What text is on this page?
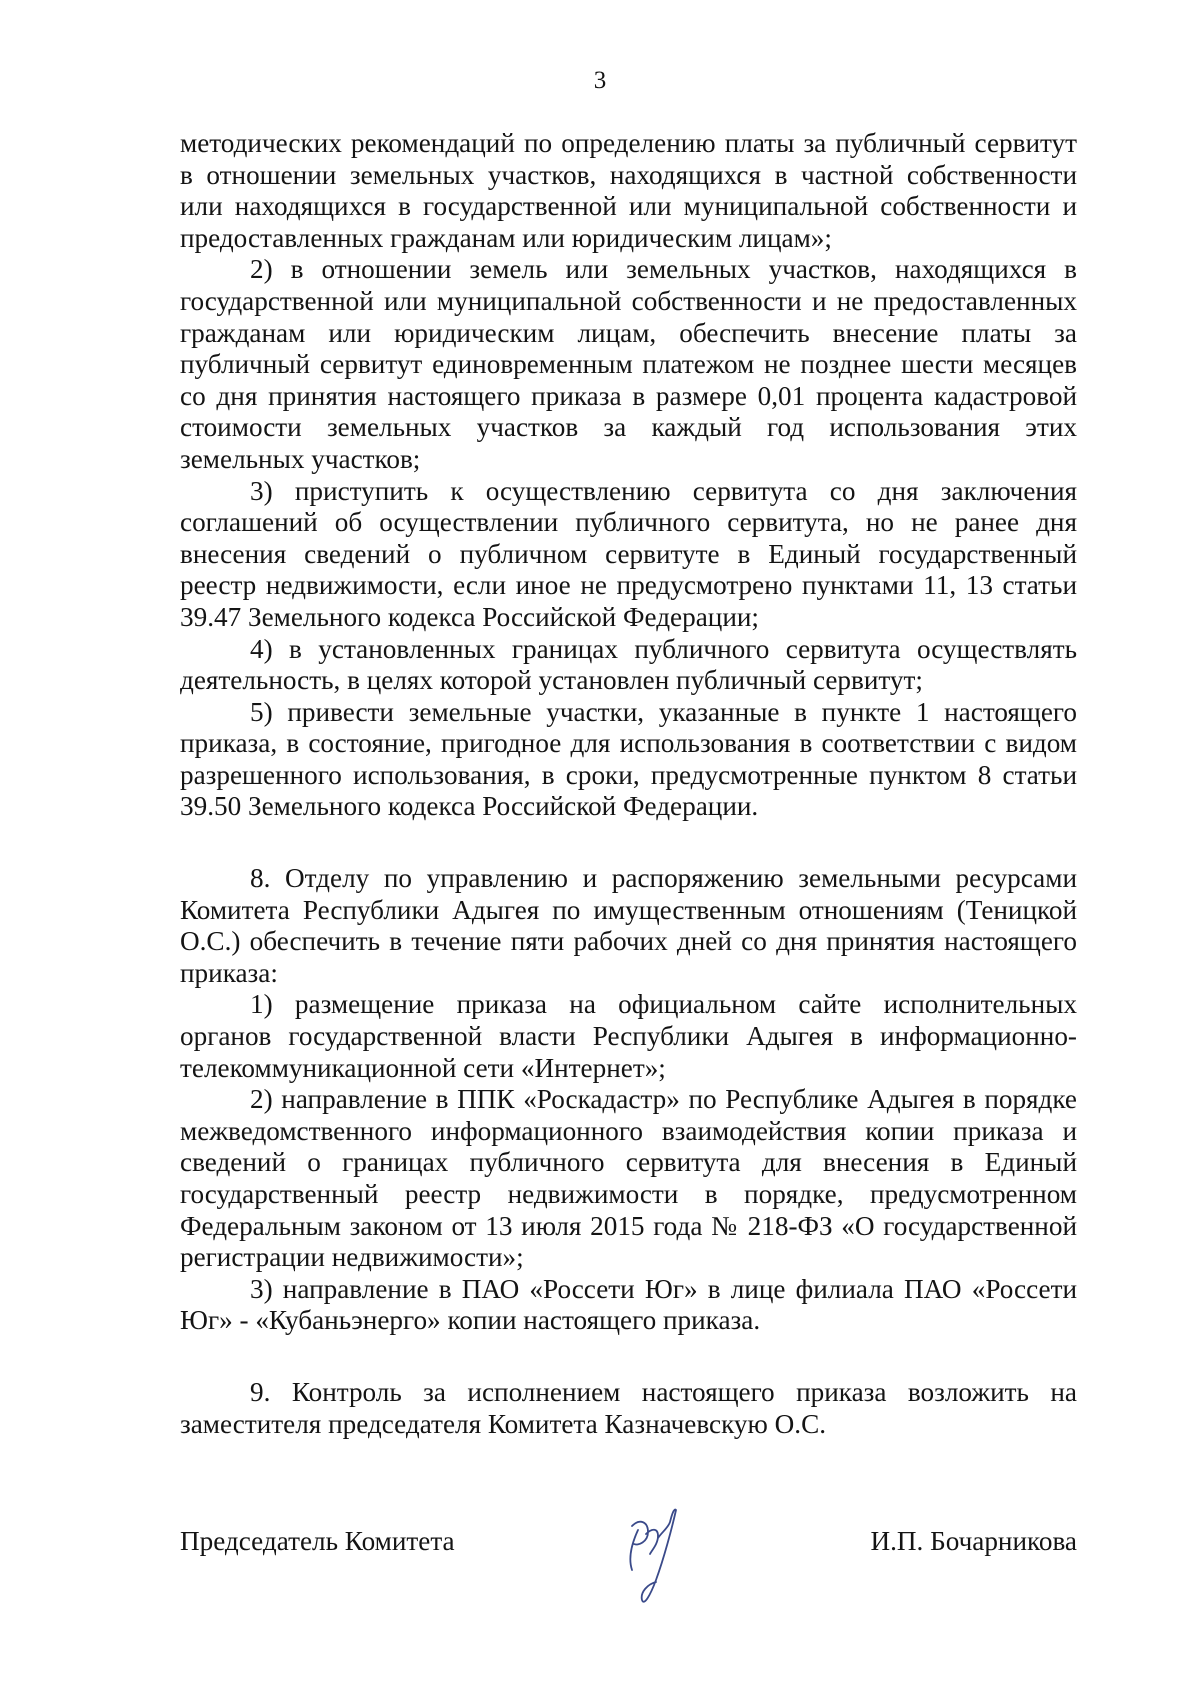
3

методических рекомендаций по определению платы за публичный сервитут в отношении земельных участков, находящихся в частной собственности или находящихся в государственной или муниципальной собственности и предоставленных гражданам или юридическим лицам»;

2) в отношении земель или земельных участков, находящихся в государственной или муниципальной собственности и не предоставленных гражданам или юридическим лицам, обеспечить внесение платы за публичный сервитут единовременным платежом не позднее шести месяцев со дня принятия настоящего приказа в размере 0,01 процента кадастровой стоимости земельных участков за каждый год использования этих земельных участков;

3) приступить к осуществлению сервитута со дня заключения соглашений об осуществлении публичного сервитута, но не ранее дня внесения сведений о публичном сервитуте в Единый государственный реестр недвижимости, если иное не предусмотрено пунктами 11, 13 статьи 39.47 Земельного кодекса Российской Федерации;

4) в установленных границах публичного сервитута осуществлять деятельность, в целях которой установлен публичный сервитут;

5) привести земельные участки, указанные в пункте 1 настоящего приказа, в состояние, пригодное для использования в соответствии с видом разрешенного использования, в сроки, предусмотренные пунктом 8 статьи 39.50 Земельного кодекса Российской Федерации.

8. Отделу по управлению и распоряжению земельными ресурсами Комитета Республики Адыгея по имущественным отношениям (Теницкой О.С.) обеспечить в течение пяти рабочих дней со дня принятия настоящего приказа:

1) размещение приказа на официальном сайте исполнительных органов государственной власти Республики Адыгея в информационно-телекоммуникационной сети «Интернет»;

2) направление в ППК «Роскадастр» по Республике Адыгея в порядке межведомственного информационного взаимодействия копии приказа и сведений о границах публичного сервитута для внесения в Единый государственный реестр недвижимости в порядке, предусмотренном Федеральным законом от 13 июля 2015 года № 218-ФЗ «О государственной регистрации недвижимости»;

3) направление в ПАО «Россети Юг» в лице филиала ПАО «Россети Юг» - «Кубаньэнерго» копии настоящего приказа.

9. Контроль за исполнением настоящего приказа возложить на заместителя председателя Комитета Казначевскую О.С.

Председатель Комитета	И.П. Бочарникова
